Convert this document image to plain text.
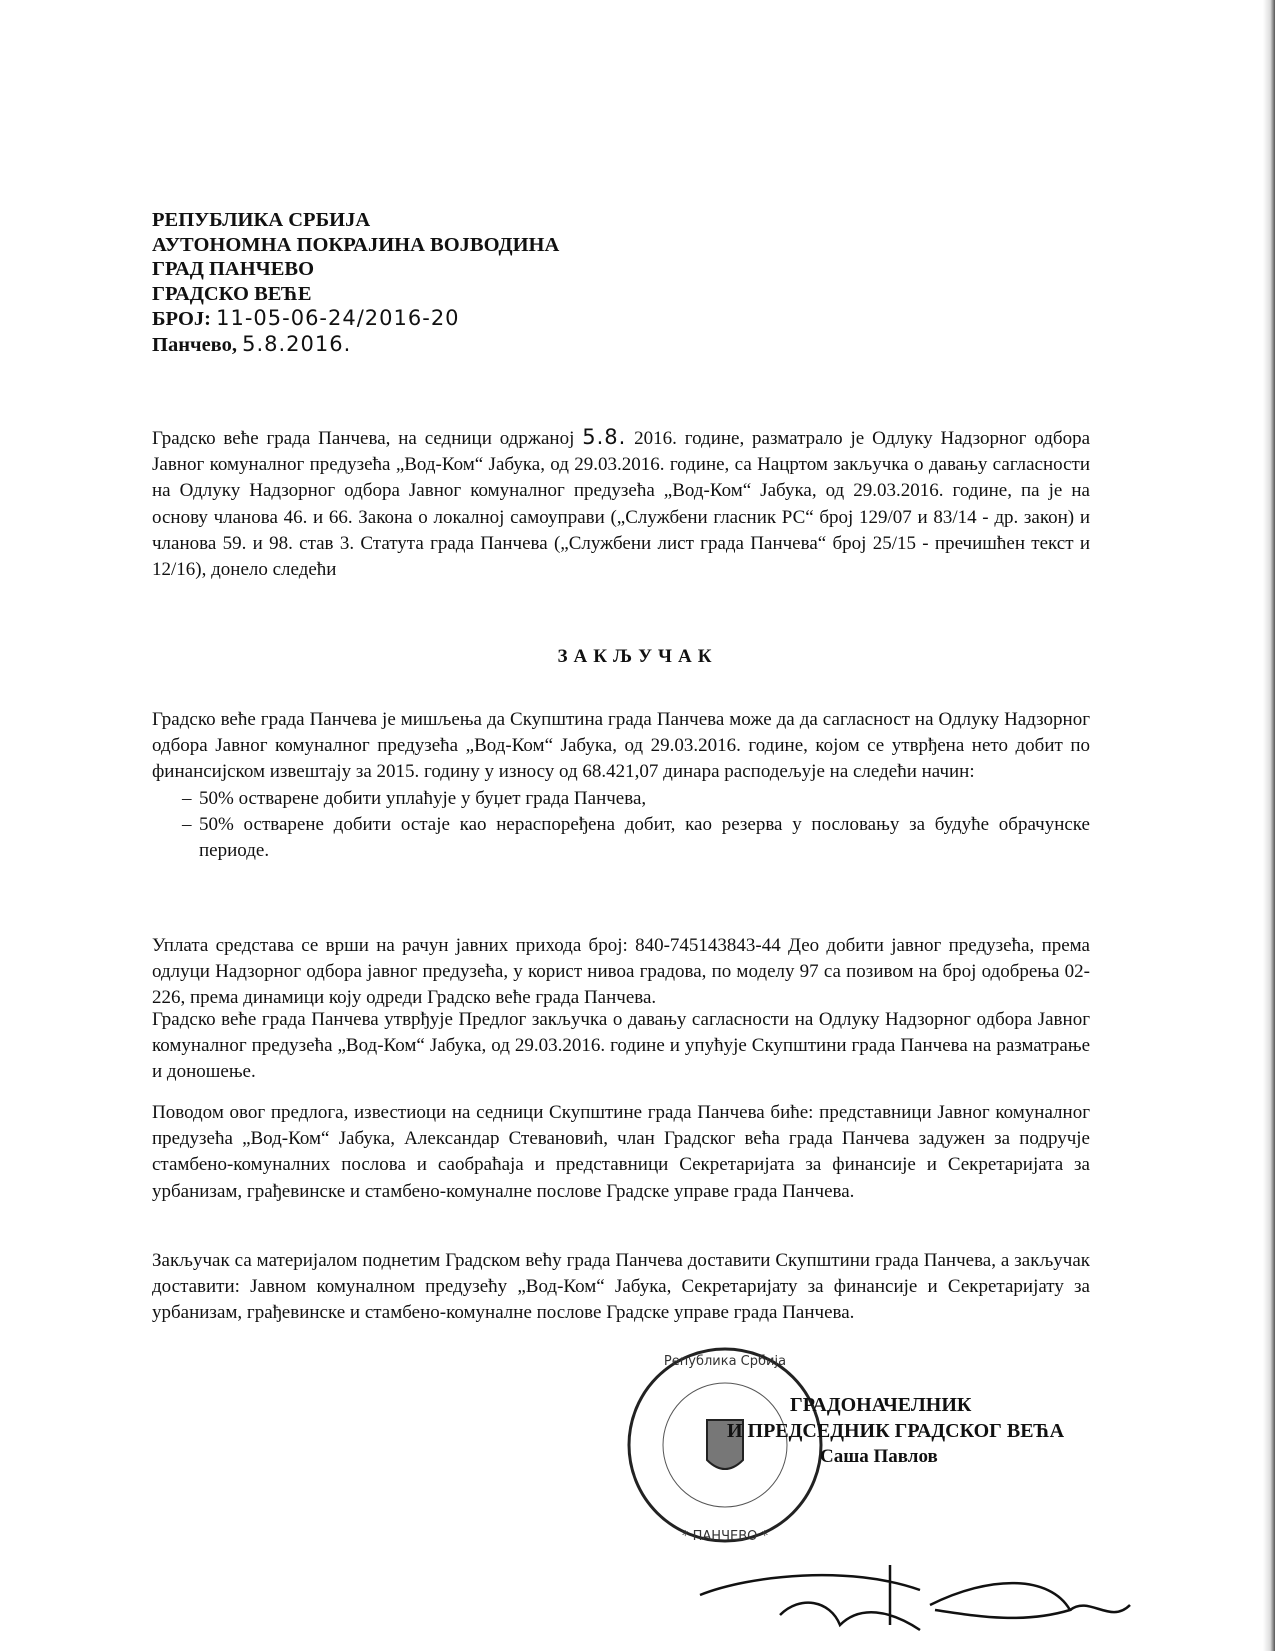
РЕПУБЛИКА СРБИЈА
АУТОНОМНА ПОКРАЈИНА ВОЈВОДИНА
ГРАД ПАНЧЕВО
ГРАДСКО ВЕЋЕ
БРОЈ: 11-05-06-24/2016-20
Панчево, 5.8.2016.
Градско веће града Панчева, на седници одржаној 5.8. 2016. године, разматрало је Одлуку Надзорног одбора Јавног комуналног предузећа „Вод-Ком“ Јабука, од 29.03.2016. године, са Нацртом закључка о давању сагласности на Одлуку Надзорног одбора Јавног комуналног предузећа „Вод-Ком“ Јабука, од 29.03.2016. године, па је на основу чланова 46. и 66. Закона о локалној самоуправи („Службени гласник РС“ број 129/07 и 83/14 - др. закон) и чланова 59. и 98. став 3. Статута града Панчева („Службени лист града Панчева“ број 25/15 - пречишћен текст и 12/16), донело следећи
ЗАКЉУЧАК
Градско веће града Панчева је мишљења да Скупштина града Панчева може да да сагласност на Одлуку Надзорног одбора Јавног комуналног предузећа „Вод-Ком“ Јабука, од 29.03.2016. године, којом се утврђена нето добит по финансијском извештају за 2015. годину у износу од 68.421,07 динара расподељује на следећи начин:
– 50% остварене добити уплаћује у буџет града Панчева,
– 50% остварене добити остаје као нераспоређена добит, као резерва у пословању за будуће обрачунске периоде.
Уплата средстава се врши на рачун јавних прихода број: 840-745143843-44 Део добити јавног предузећа, према одлуци Надзорног одбора јавног предузећа, у корист нивоа градова, по моделу 97 са позивом на број одобрења 02-226, према динамици коју одреди Градско веће града Панчева.
Градско веће града Панчева утврђује Предлог закључка о давању сагласности на Одлуку Надзорног одбора Јавног комуналног предузећа „Вод-Ком“ Јабука, од 29.03.2016. године и упућује Скупштини града Панчева на разматрање и доношење.
Поводом овог предлога, известиоци на седници Скупштине града Панчева биће: представници Јавног комуналног предузећа „Вод-Ком“ Јабука, Александар Стевановић, члан Градског већа града Панчева задужен за подручје стамбено-комуналних послова и саобраћаја и представници Секретаријата за финансије и Секретаријата за урбанизам, грађевинске и стамбено-комуналне послове Градске управе града Панчева.
Закључак са материјалом поднетим Градском већу града Панчева доставити Скупштини града Панчева, а закључак доставити: Јавном комуналном предузећу „Вод-Ком“ Јабука, Секретаријату за финансије и Секретаријату за урбанизам, грађевинске и стамбено-комуналне послове Градске управе града Панчева.
Република Србија
* ПАНЧЕВО *
ГРАДОНАЧЕЛНИК
И ПРЕДСЕДНИК ГРАДСКОГ ВЕЋА
Саша Павлов
